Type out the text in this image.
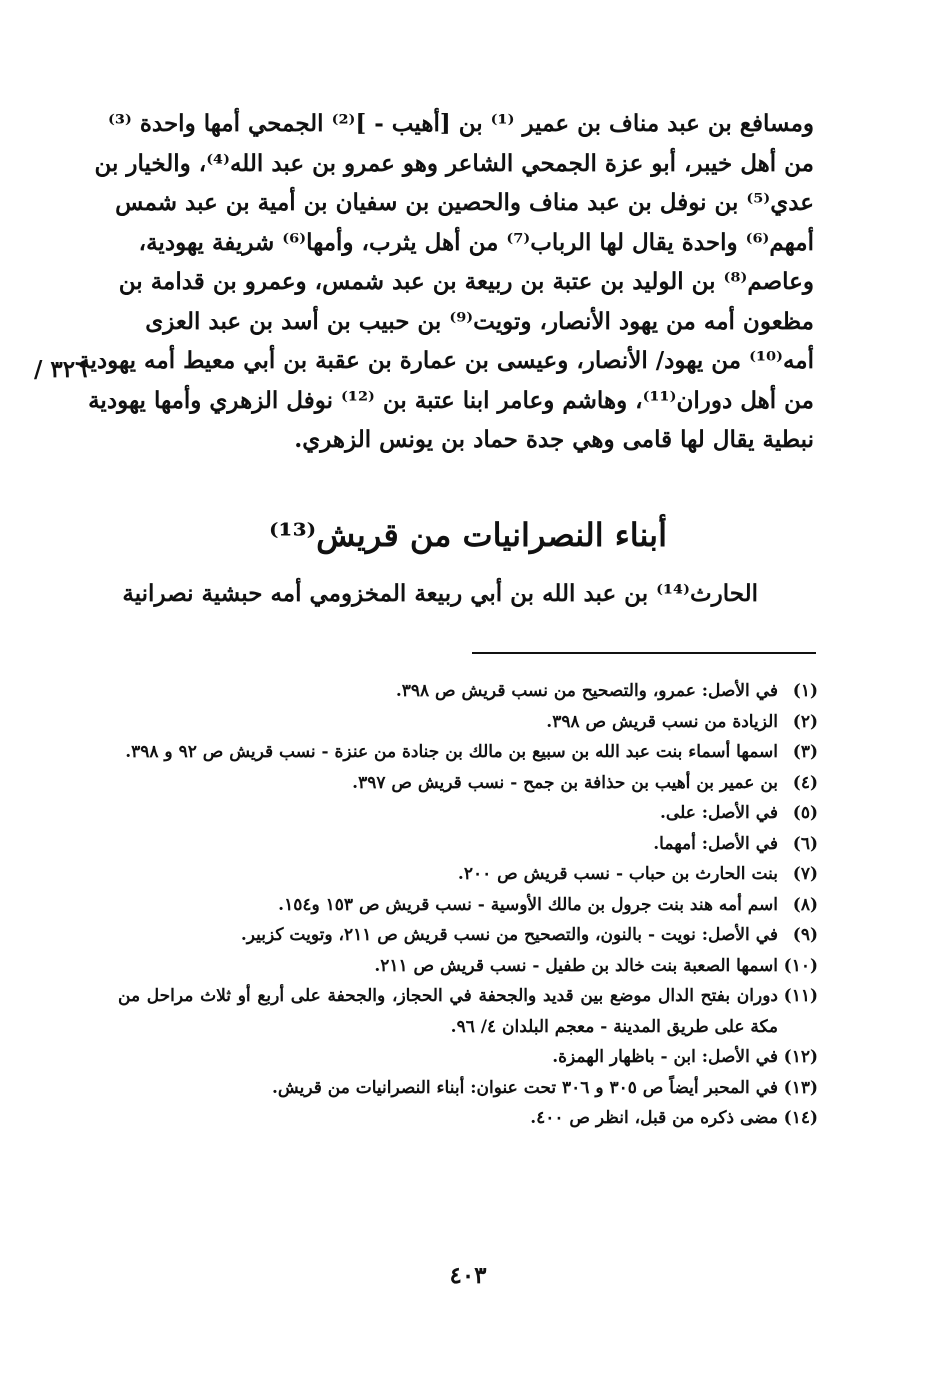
ومسافع بن عبد مناف بن عمير ⁽¹⁾ بن [أهيب - ]⁽²⁾ الجمحي أمها واحدة ⁽³⁾
من أهل خيبر، أبو عزة الجمحي الشاعر وهو عمرو بن عبد الله⁽⁴⁾، والخيار بن
عدي⁽⁵⁾ بن نوفل بن عبد مناف والحصين بن سفيان بن أمية بن عبد شمس
أمهم⁽⁶⁾ واحدة يقال لها الرباب⁽⁷⁾ من أهل يثرب، وأمها⁽⁶⁾ شريفة يهودية،
وعاصم⁽⁸⁾ بن الوليد بن عتبة بن ربيعة بن عبد شمس، وعمرو بن قدامة بن
مظعون أمه من يهود الأنصار، وتويت⁽⁹⁾ بن حبيب بن أسد بن عبد العزى
أمه⁽¹⁰⁾ من يهود/ الأنصار، وعيسى بن عمارة بن عقبة بن أبي معيط أمه يهودية
من أهل دوران⁽¹¹⁾، وهاشم وعامر ابنا عتبة بن ⁽¹²⁾ نوفل الزهري وأمها يهودية
نبطية يقال لها قامى وهي جدة حماد بن يونس الزهري.
٣٢٦ /
أبناء النصرانيات من قريش⁽¹³⁾
الحارث⁽¹⁴⁾ بن عبد الله بن أبي ربيعة المخزومي أمه حبشية نصرانية
(١)
في الأصل: عمرو، والتصحيح من نسب قريش ص ٣٩٨.
(٢)
الزيادة من نسب قريش ص ٣٩٨.
(٣)
اسمها أسماء بنت عبد الله بن سبيع بن مالك بن جنادة من عنزة - نسب قريش ص ٩٢ و ٣٩٨.
(٤)
بن عمير بن أهيب بن حذافة بن جمح - نسب قريش ص ٣٩٧.
(٥)
في الأصل: على.
(٦)
في الأصل: أمهما.
(٧)
بنت الحارث بن حباب - نسب قريش ص ٢٠٠.
(٨)
اسم أمه هند بنت جرول بن مالك الأوسية - نسب قريش ص ١٥٣ و١٥٤.
(٩)
في الأصل: نويت - بالنون، والتصحيح من نسب قريش ص ٢١١، وتويت كزبير.
(١٠)
اسمها الصعبة بنت خالد بن طفيل - نسب قريش ص ٢١١.
(١١)
دوران بفتح الدال موضع بين قديد والجحفة في الحجاز، والجحفة على أربع أو ثلاث مراحل من مكة على طريق المدينة - معجم البلدان ٤/ ٩٦.
(١٢)
في الأصل: ابن - باظهار الهمزة.
(١٣)
في المحبر أيضاً ص ٣٠٥ و ٣٠٦ تحت عنوان: أبناء النصرانيات من قريش.
(١٤)
مضى ذكره من قبل، انظر ص ٤٠٠.
٤٠٣
